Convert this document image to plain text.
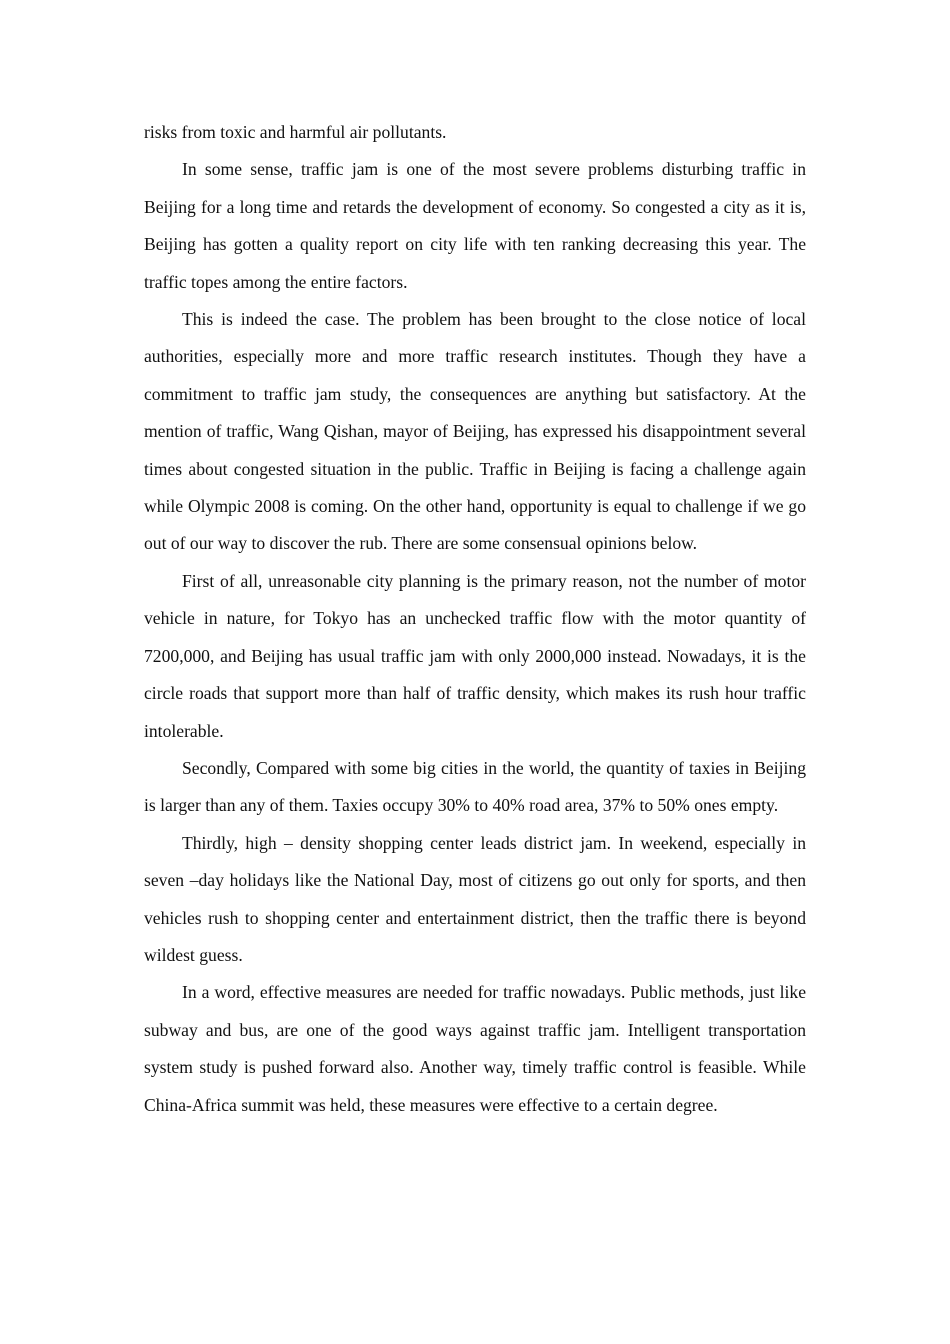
risks from toxic and harmful air pollutants.

In some sense, traffic jam is one of the most severe problems disturbing traffic in Beijing for a long time and retards the development of economy. So congested a city as it is, Beijing has gotten a quality report on city life with ten ranking decreasing this year. The traffic topes among the entire factors.

This is indeed the case. The problem has been brought to the close notice of local authorities, especially more and more traffic research institutes. Though they have a commitment to traffic jam study, the consequences are anything but satisfactory. At the mention of traffic, Wang Qishan, mayor of Beijing, has expressed his disappointment several times about congested situation in the public. Traffic in Beijing is facing a challenge again while Olympic 2008 is coming. On the other hand, opportunity is equal to challenge if we go out of our way to discover the rub. There are some consensual opinions below.

First of all, unreasonable city planning is the primary reason, not the number of motor vehicle in nature, for Tokyo has an unchecked traffic flow with the motor quantity of 7200,000, and Beijing has usual traffic jam with only 2000,000 instead. Nowadays, it is the circle roads that support more than half of traffic density, which makes its rush hour traffic intolerable.

Secondly, Compared with some big cities in the world, the quantity of taxies in Beijing is larger than any of them. Taxies occupy 30% to 40% road area, 37% to 50% ones empty.

Thirdly, high – density shopping center leads district jam. In weekend, especially in seven –day holidays like the National Day, most of citizens go out only for sports, and then vehicles rush to shopping center and entertainment district, then the traffic there is beyond wildest guess.

In a word, effective measures are needed for traffic nowadays. Public methods, just like subway and bus, are one of the good ways against traffic jam. Intelligent transportation system study is pushed forward also. Another way, timely traffic control is feasible. While China-Africa summit was held, these measures were effective to a certain degree.
